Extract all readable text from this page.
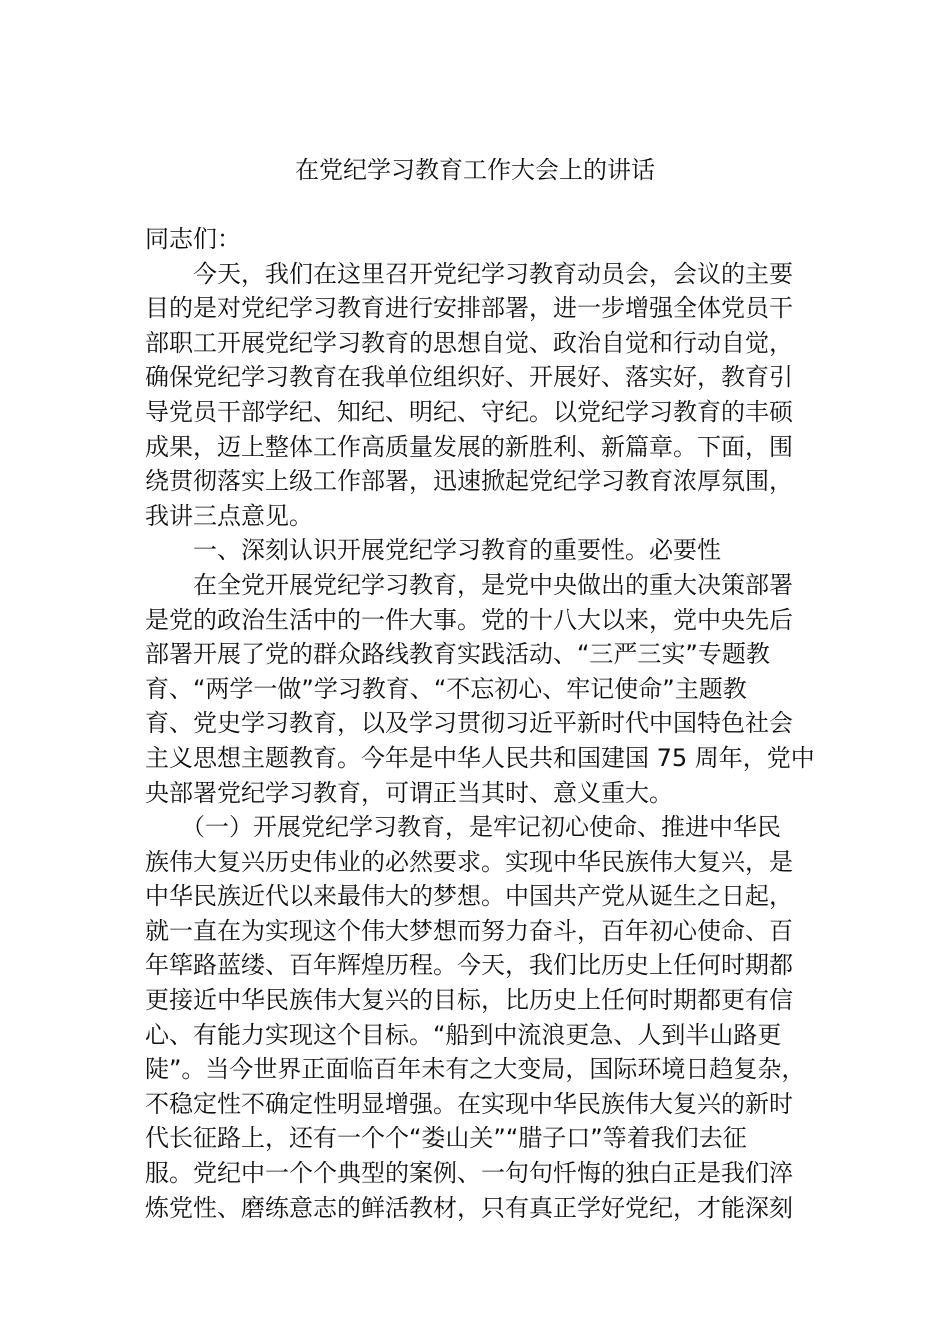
在党纪学习教育工作大会上的讲话
同志们：
　　今天，我们在这里召开党纪学习教育动员会，会议的主要
目的是对党纪学习教育进行安排部署，进一步增强全体党员干
部职工开展党纪学习教育的思想自觉、政治自觉和行动自觉，
确保党纪学习教育在我单位组织好、开展好、落实好，教育引
导党员干部学纪、知纪、明纪、守纪。以党纪学习教育的丰硕
成果，迈上整体工作高质量发展的新胜利、新篇章。下面，围
绕贯彻落实上级工作部署，迅速掀起党纪学习教育浓厚氛围，
我讲三点意见。
　　一、深刻认识开展党纪学习教育的重要性。必要性
　　在全党开展党纪学习教育，是党中央做出的重大决策部署
是党的政治生活中的一件大事。党的十八大以来，党中央先后
部署开展了党的群众路线教育实践活动、“三严三实”专题教
育、“两学一做”学习教育、“不忘初心、牢记使命”主题教
育、党史学习教育，以及学习贯彻习近平新时代中国特色社会
主义思想主题教育。今年是中华人民共和国建国 75 周年，党中
央部署党纪学习教育，可谓正当其时、意义重大。
　　（一）开展党纪学习教育，是牢记初心使命、推进中华民
族伟大复兴历史伟业的必然要求。实现中华民族伟大复兴，是
中华民族近代以来最伟大的梦想。中国共产党从诞生之日起，
就一直在为实现这个伟大梦想而努力奋斗，百年初心使命、百
年筚路蓝缕、百年辉煌历程。今天，我们比历史上任何时期都
更接近中华民族伟大复兴的目标，比历史上任何时期都更有信
心、有能力实现这个目标。“船到中流浪更急、人到半山路更
陡”。当今世界正面临百年未有之大变局，国际环境日趋复杂，
不稳定性不确定性明显增强。在实现中华民族伟大复兴的新时
代长征路上，还有一个个“娄山关”“腊子口”等着我们去征
服。党纪中一个个典型的案例、一句句忏悔的独白正是我们淬
炼党性、磨练意志的鲜活教材，只有真正学好党纪，才能深刻
